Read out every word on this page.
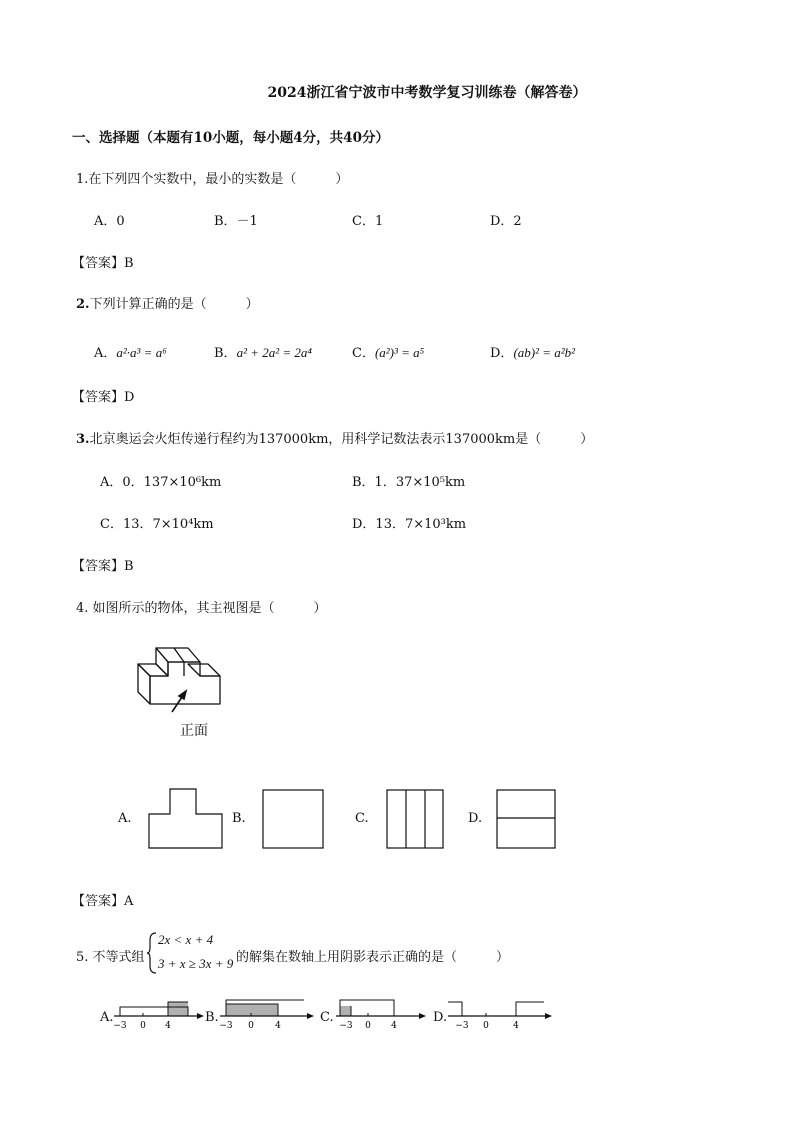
2024浙江省宁波市中考数学复习训练卷（解答卷）
一、选择题（本题有10小题，每小题4分，共40分）
1.在下列四个实数中，最小的实数是（　　　）
A．0	B．－1	C．1	D．2
【答案】B
2.下列计算正确的是（　　　）
A．a²·a³ = a⁶	B．a² + 2a² = 2a⁴	C．(a²)³ = a⁵	D．(ab)² = a²b²
【答案】D
3.北京奥运会火炬传递行程约为137000km，用科学记数法表示137000km是（　　　）
A．0．137×10⁶km	B．1．37×10⁵km
C．13．7×10⁴km	D．13．7×10³km
【答案】B
4. 如图所示的物体，其主视图是（　　　）
正面
A.	B.	C.	D.
【答案】A
5. 不等式组
2x < x + 4
3 + x ≥ 3x + 9 的解集在数轴上用阴影表示正确的是（　　　）
A.
−3 0 4
B.
−3 0 4
C.
−3 0 4
D.
−3 0	4
